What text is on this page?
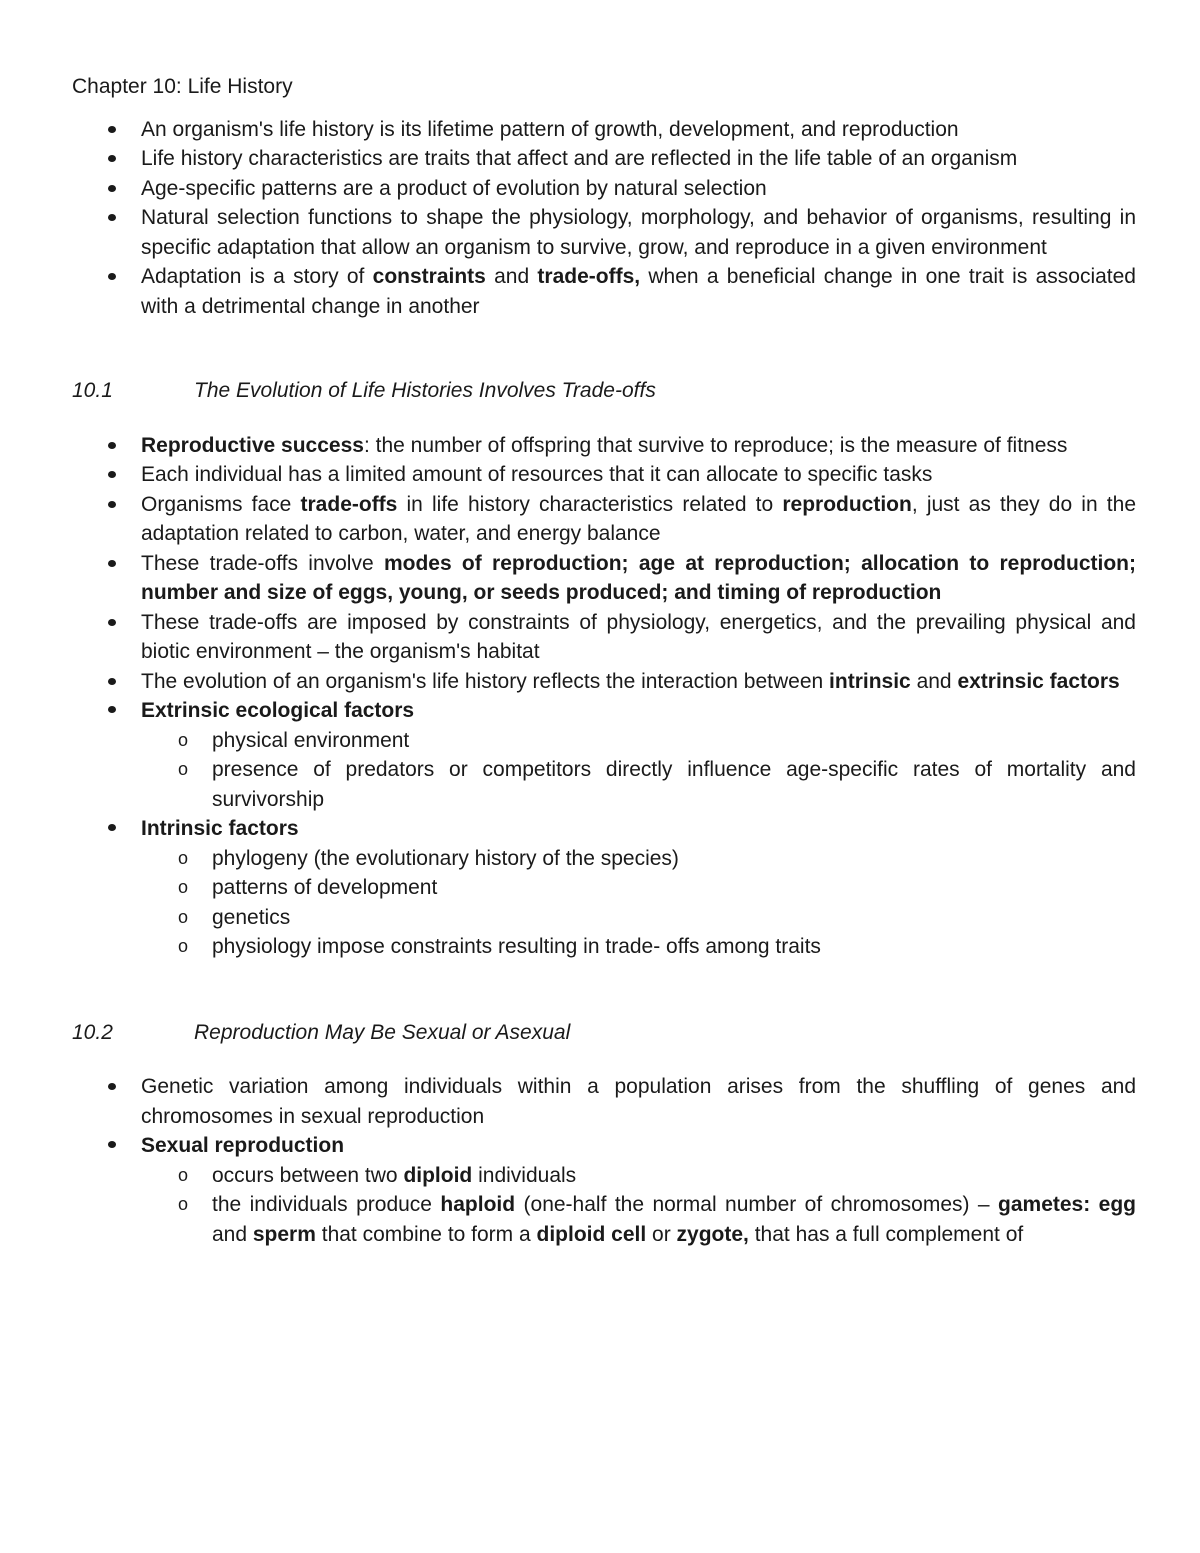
Chapter 10: Life History
An organism's life history is its lifetime pattern of growth, development, and reproduction
Life history characteristics are traits that affect and are reflected in the life table of an organism
Age-specific patterns are a product of evolution by natural selection
Natural selection functions to shape the physiology, morphology, and behavior of organisms, resulting in specific adaptation that allow an organism to survive, grow, and reproduce in a given environment
Adaptation is a story of constraints and trade-offs, when a beneficial change in one trait is associated with a detrimental change in another
10.1	The Evolution of Life Histories Involves Trade-offs
Reproductive success: the number of offspring that survive to reproduce; is the measure of fitness
Each individual has a limited amount of resources that it can allocate to specific tasks
Organisms face trade-offs in life history characteristics related to reproduction, just as they do in the adaptation related to carbon, water, and energy balance
These trade-offs involve modes of reproduction; age at reproduction; allocation to reproduction; number and size of eggs, young, or seeds produced; and timing of reproduction
These trade-offs are imposed by constraints of physiology, energetics, and the prevailing physical and biotic environment – the organism's habitat
The evolution of an organism's life history reflects the interaction between intrinsic and extrinsic factors
Extrinsic ecological factors
o physical environment
o presence of predators or competitors directly influence age-specific rates of mortality and survivorship
Intrinsic factors
o phylogeny (the evolutionary history of the species)
o patterns of development
o genetics
o physiology impose constraints resulting in trade- offs among traits
10.2	Reproduction May Be Sexual or Asexual
Genetic variation among individuals within a population arises from the shuffling of genes and chromosomes in sexual reproduction
Sexual reproduction
o occurs between two diploid individuals
o the individuals produce haploid (one-half the normal number of chromosomes) – gametes: egg and sperm that combine to form a diploid cell or zygote, that has a full complement of
